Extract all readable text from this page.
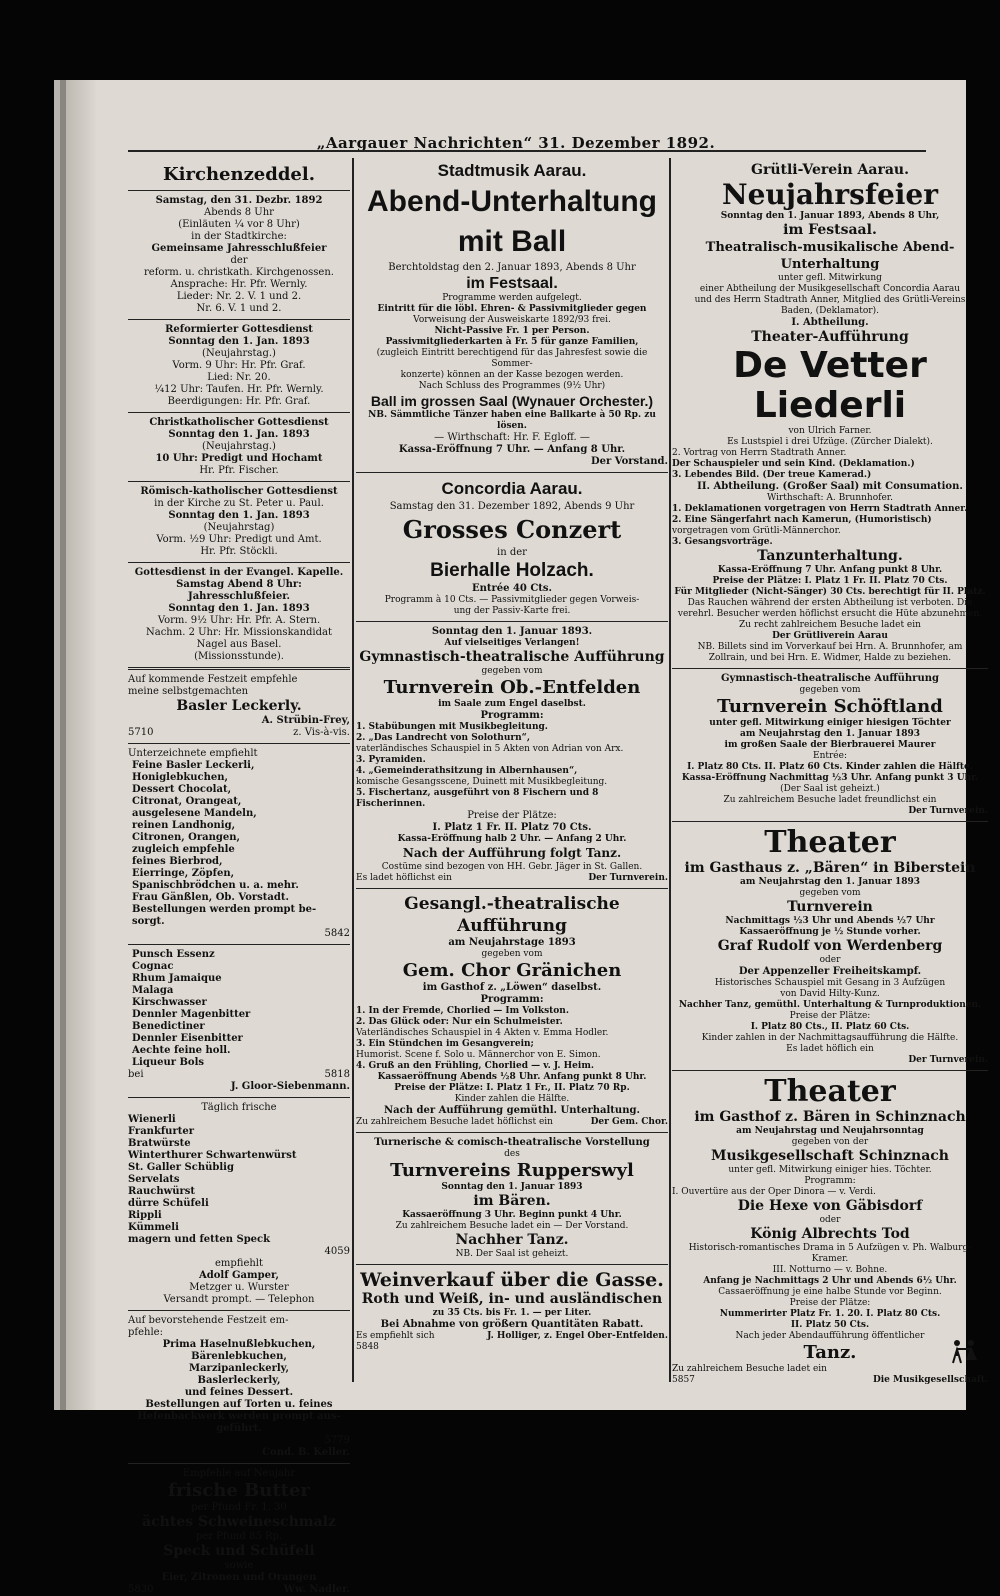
„Aargauer Nachrichten“ 31. Dezember 1892.
Kirchenzeddel.

Samstag, den 31. Dezbr. 1892

Abends 8 Uhr

(Einläuten ¼ vor 8 Uhr)

in der Stadtkirche:

Gemeinsame Jahresschlußfeier

der

reform. u. christkath. Kirchgenossen.

Ansprache: Hr. Pfr. Wernly.

Lieder: Nr. 2. V. 1 und 2.

Nr. 6. V. 1 und 2.

Reformierter Gottesdienst

Sonntag den 1. Jan. 1893

(Neujahrstag.)

Vorm. 9 Uhr: Hr. Pfr. Graf.

Lied: Nr. 20.

¼12 Uhr: Taufen. Hr. Pfr. Wernly.

Beerdigungen: Hr. Pfr. Graf.

Christkatholischer Gottesdienst

Sonntag den 1. Jan. 1893

(Neujahrstag.)

10 Uhr: Predigt und Hochamt

Hr. Pfr. Fischer.

Römisch-katholischer Gottesdienst

in der Kirche zu St. Peter u. Paul.

Sonntag den 1. Jan. 1893

(Neujahrstag)

Vorm. ½9 Uhr: Predigt und Amt.

Hr. Pfr. Stöckli.

Gottesdienst in der Evangel. Kapelle.

Samstag Abend 8 Uhr:

Jahresschlußfeier.

Sonntag den 1. Jan. 1893

Vorm. 9½ Uhr: Hr. Pfr. A. Stern.

Nachm. 2 Uhr: Hr. Missionskandidat

Nagel aus Basel.

(Missionsstunde).

Auf kommende Festzeit empfehle

meine selbstgemachten

Basler Leckerly.

A. Strübin-Frey,

5710	z. Vis-à-vis.

Unterzeichnete empfiehlt

Feine Basler Leckerli,

Honiglebkuchen,

Dessert Chocolat,

Citronat, Orangeat,

ausgelesene Mandeln,

reinen Landhonig,

Citronen, Orangen,

zugleich empfehle

feines Bierbrod,

Eierringe, Zöpfen,

Spanischbrödchen u. a. mehr.

Frau Gänßlen, Ob. Vorstadt.

Bestellungen werden prompt be-

sorgt.

5842

Punsch Essenz

Cognac

Rhum Jamaique

Malaga

Kirschwasser

Dennler Magenbitter

Benedictiner

Dennler Eisenbitter

Aechte feine holl.

Liqueur Bols

bei	5818

J. Gloor-Siebenmann.

Täglich frische

Wienerli

Frankfurter

Bratwürste

Winterthurer Schwartenwürst

St. Galler Schüblig

Servelats

Rauchwürst

dürre Schüfeli

Rippli

Kümmeli

magern und fetten Speck

4059

empfiehlt

Adolf Gamper,

Metzger u. Wurster

Versandt prompt. — Telephon

Auf bevorstehende Festzeit em-

pfehle:

Prima Haselnußlebkuchen,

Bärenlebkuchen,

Marzipanleckerly,

Baslerleckerly,

und feines Dessert.

Bestellungen auf Torten u. feines

Hefenbackwerk werden prompt aus-

geführt.

5779

Cond. B. Keller.

Empfehle auf Neujahr

frische Butter

per Pfund Fr. 1. 30

ächtes Schweineschmalz

per Pfund 85 Rp.

Speck und Schüfeli

sowie

Eier, Zitronen und Orangen

5830	Ww. Nadler.

Stadtmusik Aarau.

Abend-Unterhaltung mit Ball

Berchtoldstag den 2. Januar 1893, Abends 8 Uhr

im Festsaal.

Programme werden aufgelegt.

Eintritt für die löbl. Ehren- & Passivmitglieder gegen

Vorweisung der Ausweiskarte 1892/93 frei.

Nicht-Passive Fr. 1 per Person.

Passivmitgliederkarten à Fr. 5 für ganze Familien,

(zugleich Eintritt berechtigend für das Jahresfest sowie die Sommer-

konzerte) können an der Kasse bezogen werden.

Nach Schluss des Programmes (9½ Uhr)

Ball im grossen Saal (Wynauer Orchester.)

NB. Sämmtliche Tänzer haben eine Ballkarte à 50 Rp. zu lösen.

— Wirthschaft: Hr. F. Egloff. —

Kassa-Eröffnung 7 Uhr. — Anfang 8 Uhr.

Der Vorstand.

Concordia Aarau.

Samstag den 31. Dezember 1892, Abends 9 Uhr

Grosses Conzert

in der

Bierhalle Holzach.

Entrée 40 Cts.

Programm à 10 Cts. — Passivmitglieder gegen Vorweis-

ung der Passiv-Karte frei.

Sonntag den 1. Januar 1893.

Auf vielseitiges Verlangen!

Gymnastisch-theatralische Aufführung

gegeben vom

Turnverein Ob.-Entfelden

im Saale zum Engel daselbst.

Programm:

1. Stabübungen mit Musikbegleitung.

2. „Das Landrecht von Solothurn“,

vaterländisches Schauspiel in 5 Akten von Adrian von Arx.

3. Pyramiden.

4. „Gemeinderathsitzung in Albernhausen“,

komische Gesangsscene, Duinett mit Musikbegleitung.

5. Fischertanz, ausgeführt von 8 Fischern und 8 Fischerinnen.

Preise der Plätze:

I. Platz 1 Fr. II. Platz 70 Cts.

Kassa-Eröffnung halb 2 Uhr. — Anfang 2 Uhr.

Nach der Aufführung folgt Tanz.

Costüme sind bezogen von HH. Gebr. Jäger in St. Gallen.

Es ladet höflichst ein	Der Turnverein.

Gesangl.-theatralische Aufführung

am Neujahrstage 1893

gegeben vom

Gem. Chor Gränichen

im Gasthof z. „Löwen“ daselbst.

Programm:

1. In der Fremde, Chorlied — Im Volkston.

2. Das Glück oder: Nur ein Schulmeister.

Vaterländisches Schauspiel in 4 Akten v. Emma Hodler.

3. Ein Stündchen im Gesangverein;

Humorist. Scene f. Solo u. Männerchor von E. Simon.

4. Gruß an den Frühling, Chorlied — v. J. Heim.

Kassaeröffnung Abends ½8 Uhr. Anfang punkt 8 Uhr.

Preise der Plätze: I. Platz 1 Fr., II. Platz 70 Rp.

Kinder zahlen die Hälfte.

Nach der Aufführung gemüthl. Unterhaltung.

Zu zahlreichem Besuche ladet höflichst ein	Der Gem. Chor.

Turnerische & comisch-theatralische Vorstellung

des

Turnvereins Rupperswyl

Sonntag den 1. Januar 1893

im Bären.

Kassaeröffnung 3 Uhr. Beginn punkt 4 Uhr.

Zu zahlreichem Besuche ladet ein — Der Vorstand.

Nachher Tanz.

NB. Der Saal ist geheizt.

Weinverkauf über die Gasse.

Roth und Weiß, in- und ausländischen

zu 35 Cts. bis Fr. 1. — per Liter.

Bei Abnahme von größern Quantitäten Rabatt.

Es empfiehlt sich	J. Holliger, z. Engel Ober-Entfelden.

5848

Grütli-Verein Aarau.

Neujahrsfeier

Sonntag den 1. Januar 1893, Abends 8 Uhr,

im Festsaal.

Theatralisch-musikalische Abend-Unterhaltung

unter gefl. Mitwirkung

einer Abtheilung der Musikgesellschaft Concordia Aarau

und des Herrn Stadtrath Anner, Mitglied des Grütli-Vereins

Baden, (Deklamator).

I. Abtheilung.

Theater-Aufführung

De Vetter Liederli

von Ulrich Farner.

Es Lustspiel i drei Ufzüge. (Zürcher Dialekt).

2. Vortrag von Herrn Stadtrath Anner.

Der Schauspieler und sein Kind. (Deklamation.)

3. Lebendes Bild. (Der treue Kamerad.)

II. Abtheilung. (Großer Saal) mit Consumation.

Wirthschaft: A. Brunnhofer.

1. Deklamationen vorgetragen von Herrn Stadtrath Anner.

2. Eine Sängerfahrt nach Kamerun, (Humoristisch)

vorgetragen vom Grütli-Männerchor.

3. Gesangsvorträge.

Tanzunterhaltung.

Kassa-Eröffnung 7 Uhr. Anfang punkt 8 Uhr.

Preise der Plätze: I. Platz 1 Fr. II. Platz 70 Cts.

Für Mitglieder (Nicht-Sänger) 30 Cts. berechtigt für II. Platz.

Das Rauchen während der ersten Abtheilung ist verboten. Die

verehrl. Besucher werden höflichst ersucht die Hüte abzunehmen.

Zu recht zahlreichem Besuche ladet ein

Der Grütliverein Aarau

NB. Billets sind im Vorverkauf bei Hrn. A. Brunnhofer, am

Zollrain, und bei Hrn. E. Widmer, Halde zu beziehen.

Gymnastisch-theatralische Aufführung

gegeben vom

Turnverein Schöftland

unter gefl. Mitwirkung einiger hiesigen Töchter

am Neujahrstag den 1. Januar 1893

im großen Saale der Bierbrauerei Maurer

Entrée:

I. Platz 80 Cts. II. Platz 60 Cts. Kinder zahlen die Hälfte.

Kassa-Eröffnung Nachmittag ½3 Uhr. Anfang punkt 3 Uhr.

(Der Saal ist geheizt.)

Zu zahlreichem Besuche ladet freundlichst ein

Der Turnverein.

Theater

im Gasthaus z. „Bären“ in Biberstein

am Neujahrstag den 1. Januar 1893

gegeben vom

Turnverein

Nachmittags ½3 Uhr und Abends ½7 Uhr

Kassaeröffnung je ½ Stunde vorher.

Graf Rudolf von Werdenberg

oder

Der Appenzeller Freiheitskampf.

Historisches Schauspiel mit Gesang in 3 Aufzügen

von David Hilty-Kunz.

Nachher Tanz, gemüthl. Unterhaltung & Turnproduktionen.

Preise der Plätze:

I. Platz 80 Cts., II. Platz 60 Cts.

Kinder zahlen in der Nachmittagsaufführung die Hälfte.

Es ladet höflich ein

Der Turnverein.

Theater

im Gasthof z. Bären in Schinznach

am Neujahrstag und Neujahrsonntag

gegeben von der

Musikgesellschaft Schinznach

unter gefl. Mitwirkung einiger hies. Töchter.

Programm:

I. Ouvertüre aus der Oper Dinora — v. Verdi.

Die Hexe von Gäbisdorf

oder

König Albrechts Tod

Historisch-romantisches Drama in 5 Aufzügen v. Ph. Walburg-Kramer.

III. Notturno — v. Bohne.

Anfang je Nachmittags 2 Uhr und Abends 6½ Uhr.

Cassaeröffnung je eine halbe Stunde vor Beginn.

Preise der Plätze:

Nummerirter Platz Fr. 1. 20. I. Platz 80 Cts.

II. Platz 50 Cts.

Nach jeder Abendaufführung öffentlicher

Tanz.

Zu zahlreichem Besuche ladet ein
5857	Die Musikgesellschaft.
